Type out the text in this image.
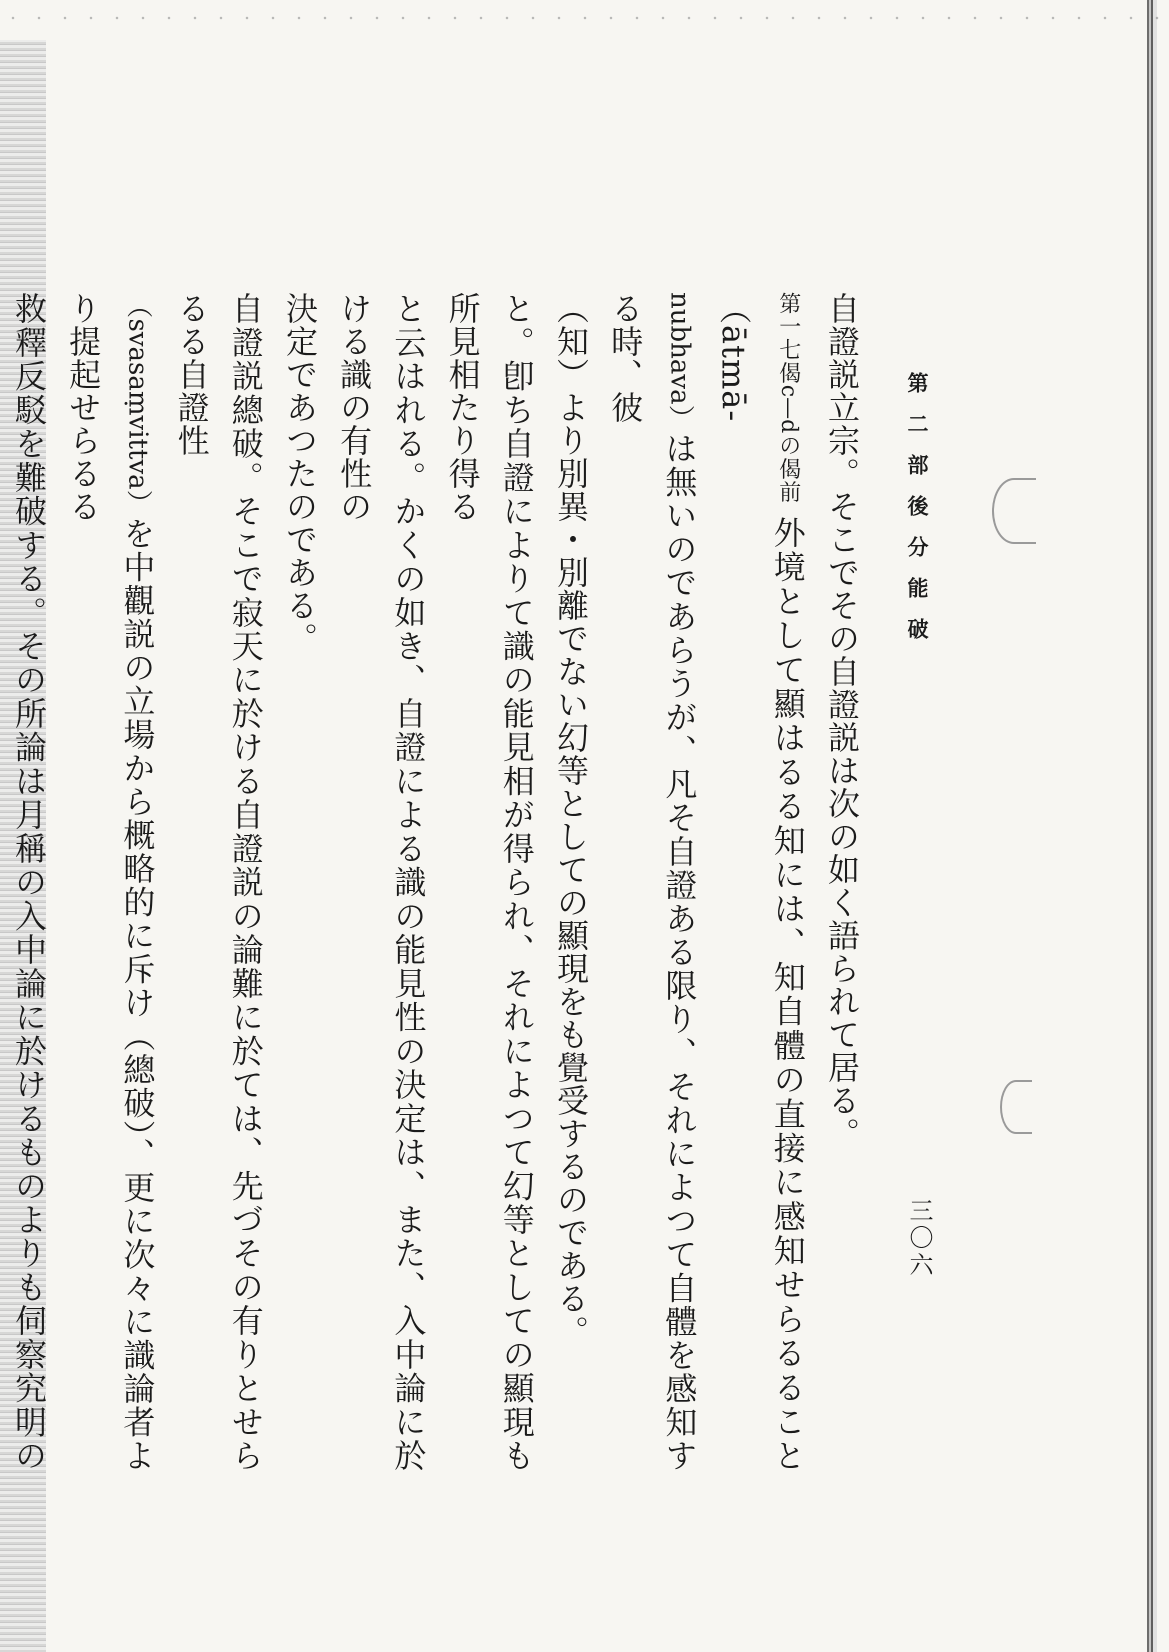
第二部後分能破
三〇六
自證説立宗。そこでその自證説は次の如く語られて居る。
第一七偈c—dの偈前外境として顯はるる知には、知自體の直接に感知せらるること（ātmā-
nubhava）は無いのであらうが、凡そ自證ある限り、それによつて自體を感知する時、彼
（知）より別異・別離でない幻等としての顯現をも覺受するのである。
と。卽ち自證によりて識の能見相が得られ、それによつて幻等としての顯現も所見相たり得る
と云はれる。かくの如き、自證による識の能見性の決定は、また、入中論に於ける識の有性の
決定であつたのである。
自證説總破。そこで寂天に於ける自證説の論難に於ては、先づその有りとせらるる自證性
（svasaṃvittva）を中觀説の立場から概略的に斥け（總破）、更に次々に識論者より提起せらるる
救釋反駁を難破する。その所論は月稱の入中論に於けるものよりも伺察究明の
